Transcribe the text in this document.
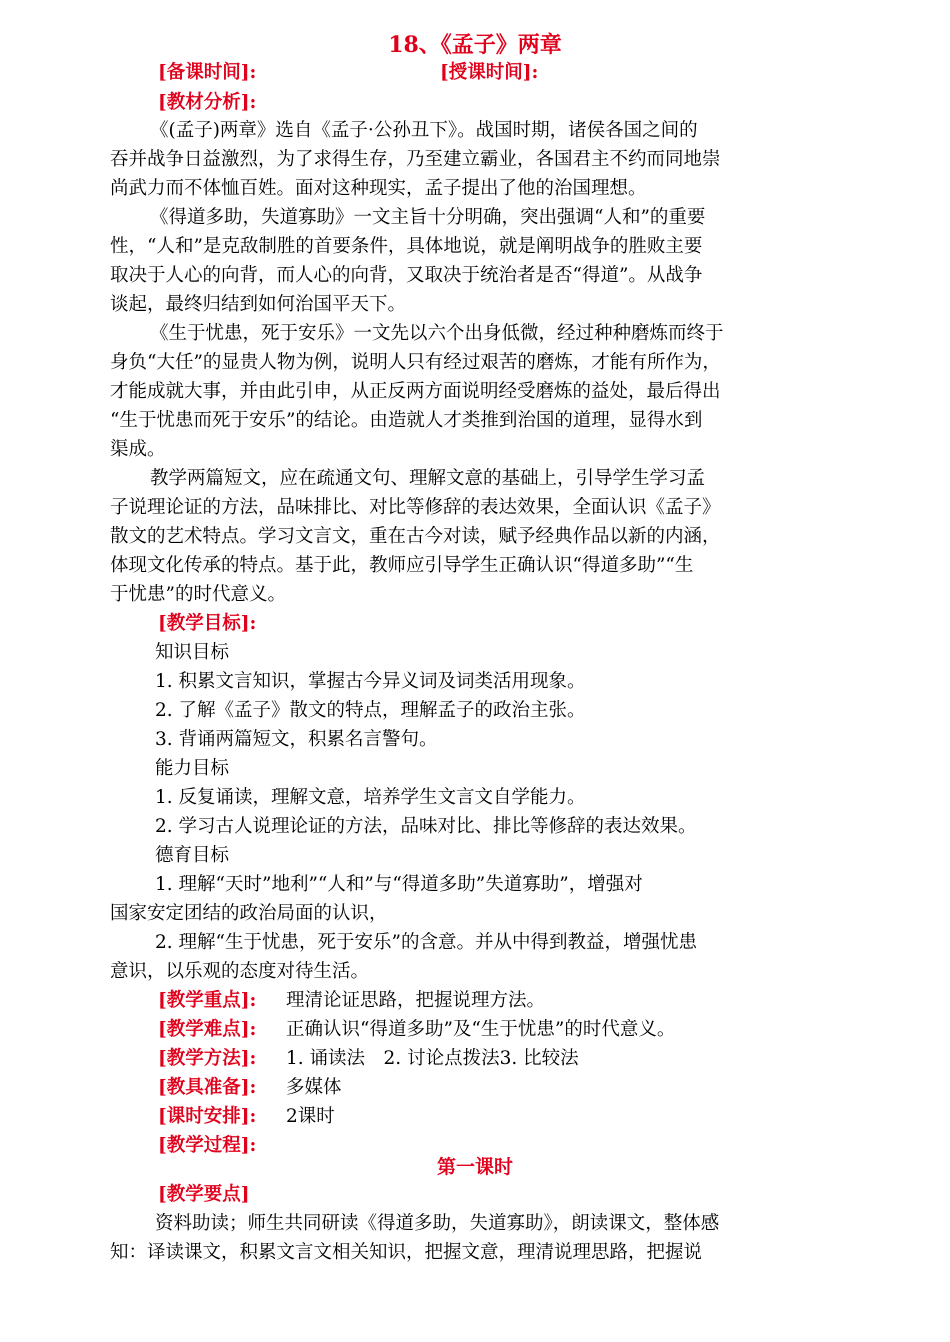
18、《孟子》两章
[备课时间]:	[授课时间]:
[教材分析]:
《(孟子)两章》选自《孟子·公孙丑下》。战国时期，诸侯各国之间的
吞并战争日益激烈，为了求得生存，乃至建立霸业，各国君主不约而同地崇
尚武力而不体恤百姓。面对这种现实，孟子提出了他的治国理想。
《得道多助，失道寡助》一文主旨十分明确，突出强调“人和”的重要
性，“人和”是克敌制胜的首要条件，具体地说，就是阐明战争的胜败主要
取决于人心的向背，而人心的向背，又取决于统治者是否“得道”。从战争
谈起，最终归结到如何治国平天下。
《生于忧患，死于安乐》一文先以六个出身低微，经过种种磨炼而终于
身负“大任”的显贵人物为例，说明人只有经过艰苦的磨炼，才能有所作为，
才能成就大事，并由此引申，从正反两方面说明经受磨炼的益处，最后得出
“生于忧患而死于安乐”的结论。由造就人才类推到治国的道理，显得水到
渠成。
教学两篇短文，应在疏通文句、理解文意的基础上，引导学生学习孟
子说理论证的方法，品味排比、对比等修辞的表达效果，全面认识《孟子》
散文的艺术特点。学习文言文，重在古今对读，赋予经典作品以新的内涵，
体现文化传承的特点。基于此，教师应引导学生正确认识“得道多助”“生
于忧患”的时代意义。
[教学目标]:
知识目标
1. 积累文言知识，掌握古今异义词及词类活用现象。
2. 了解《孟子》散文的特点，理解孟子的政治主张。
3. 背诵两篇短文，积累名言警句。
能力目标
1. 反复诵读，理解文意，培养学生文言文自学能力。
2. 学习古人说理论证的方法，品味对比、排比等修辞的表达效果。
德育目标
1. 理解“天时”地利”“人和”与“得道多助”失道寡助”，增强对
国家安定团结的政治局面的认识，
2. 理解“生于忧患，死于安乐”的含意。并从中得到教益，增强忧患
意识，以乐观的态度对待生活。
[教学重点]:	理清论证思路，把握说理方法。
[教学难点]:	正确认识“得道多助”及“生于忧患”的时代意义。
[教学方法]:	1. 诵读法　2. 讨论点拨法3. 比较法
[教具准备]:	多媒体
[课时安排]:	2课时
[教学过程]:
第一课时
[教学要点]
资料助读；师生共同研读《得道多助，失道寡助》，朗读课文，整体感
知：译读课文，积累文言文相关知识，把握文意，理清说理思路，把握说
